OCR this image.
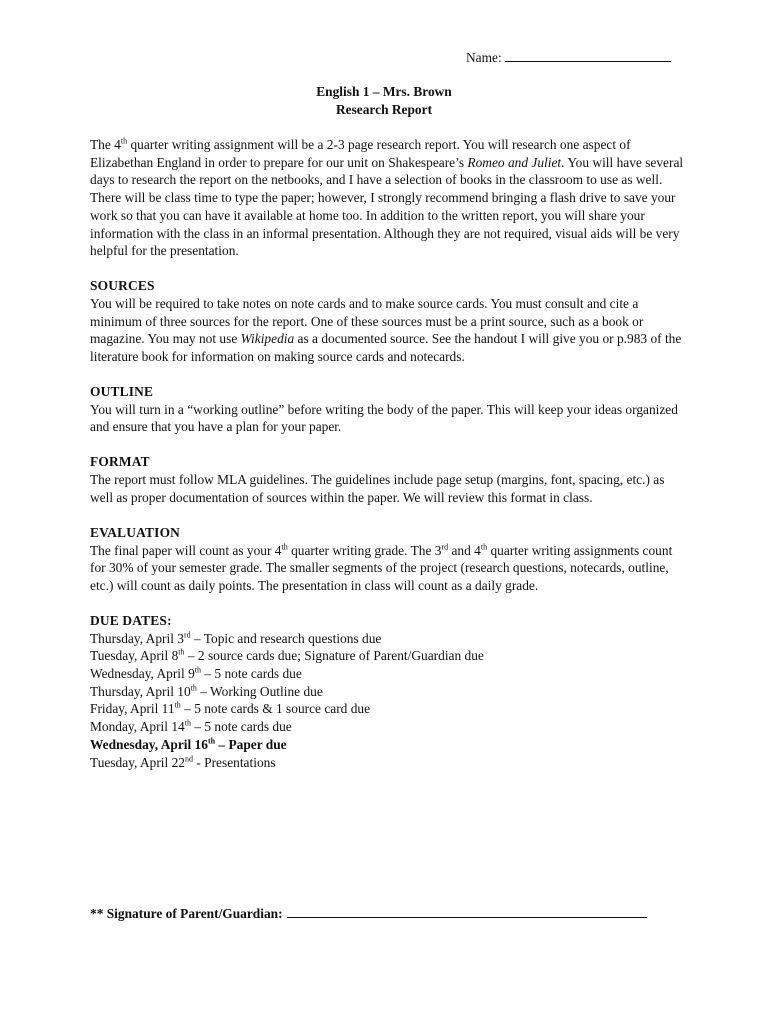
Name:
English 1 – Mrs. Brown
Research Report

The 4th quarter writing assignment will be a 2-3 page research report. You will research one aspect of Elizabethan England in order to prepare for our unit on Shakespeare’s Romeo and Juliet. You will have several days to research the report on the netbooks, and I have a selection of books in the classroom to use as well. There will be class time to type the paper; however, I strongly recommend bringing a flash drive to save your work so that you can have it available at home too. In addition to the written report, you will share your information with the class in an informal presentation. Although they are not required, visual aids will be very helpful for the presentation.

SOURCES

You will be required to take notes on note cards and to make source cards. You must consult and cite a minimum of three sources for the report. One of these sources must be a print source, such as a book or magazine. You may not use Wikipedia as a documented source. See the handout I will give you or p.983 of the literature book for information on making source cards and notecards.

OUTLINE

You will turn in a “working outline” before writing the body of the paper. This will keep your ideas organized and ensure that you have a plan for your paper.

FORMAT

The report must follow MLA guidelines. The guidelines include page setup (margins, font, spacing, etc.) as well as proper documentation of sources within the paper. We will review this format in class.

EVALUATION

The final paper will count as your 4th quarter writing grade. The 3rd and 4th quarter writing assignments count for 30% of your semester grade. The smaller segments of the project (research questions, notecards, outline, etc.) will count as daily points. The presentation in class will count as a daily grade.

DUE DATES:

Thursday, April 3rd – Topic and research questions due

Tuesday, April 8th – 2 source cards due; Signature of Parent/Guardian due

Wednesday, April 9th – 5 note cards due

Thursday, April 10th – Working Outline due

Friday, April 11th – 5 note cards & 1 source card due

Monday, April 14th – 5 note cards due

Wednesday, April 16th – Paper due

Tuesday, April 22nd - Presentations

** Signature of Parent/Guardian:
